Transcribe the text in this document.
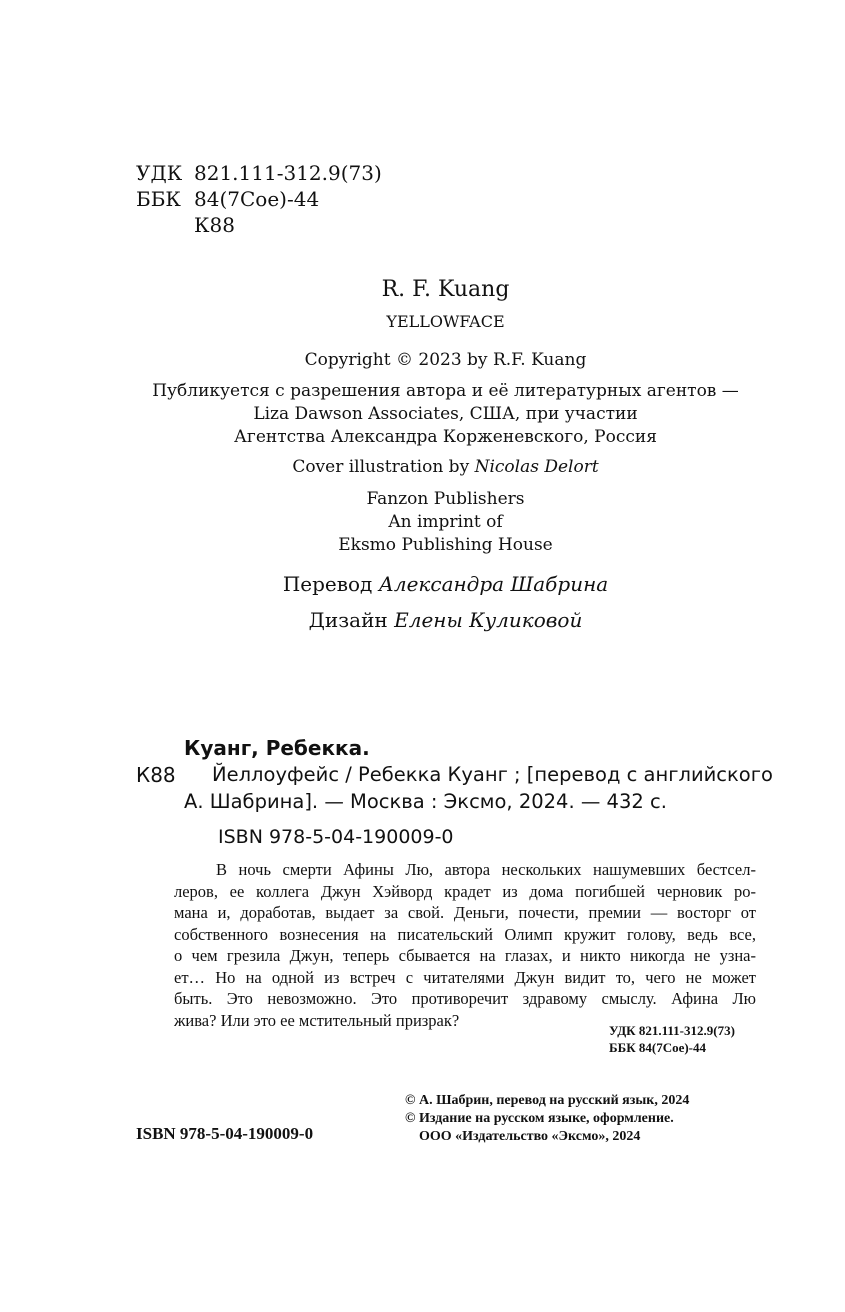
УДК 821.111-312.9(73)
ББК 84(7Сое)-44
К88
R. F. Kuang
YELLOWFACE
Copyright © 2023 by R.F. Kuang
Публикуется с разрешения автора и её литературных агентов —
Liza Dawson Associates, США, при участии
Агентства Александра Корженевского, Россия
Cover illustration by Nicolas Delort
Fanzon Publishers
An imprint of
Eksmo Publishing House
Перевод Александра Шабрина
Дизайн Елены Куликовой
Куанг, Ребекка.
К88 Йеллоуфейс / Ребекка Куанг ; [перевод с английского
А. Шабрина]. — Москва : Эксмо, 2024. — 432 с.
ISBN 978-5-04-190009-0
В ночь смерти Афины Лю, автора нескольких нашумевших бестсел-
леров, ее коллега Джун Хэйворд крадет из дома погибшей черновик ро-
мана и, доработав, выдает за свой. Деньги, почести, премии — восторг от
собственного вознесения на писательский Олимп кружит голову, ведь все,
о чем грезила Джун, теперь сбывается на глазах, и никто никогда не узна-
ет… Но на одной из встреч с читателями Джун видит то, чего не может
быть. Это невозможно. Это противоречит здравому смыслу. Афина Лю
жива? Или это ее мстительный призрак?
УДК 821.111-312.9(73)
ББК 84(7Сое)-44
© А. Шабрин, перевод на русский язык, 2024
© Издание на русском языке, оформление.
ООО «Издательство «Эксмо», 2024
ISBN 978-5-04-190009-0
